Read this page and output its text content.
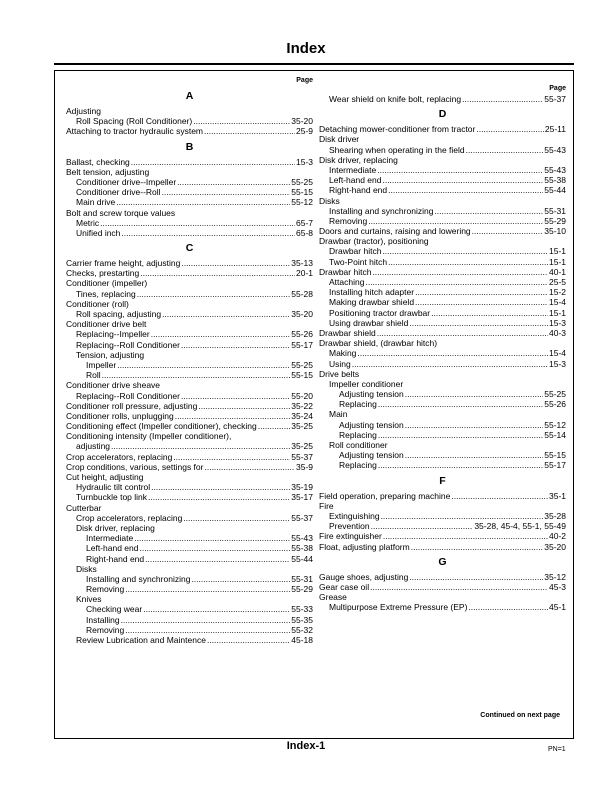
Index
Page
A
Adjusting
Roll Spacing (Roll Conditioner) .....	35-20
Attaching to tractor hydraulic system .....	25-9
B
Ballast, checking .....	15-3
Belt tension, adjusting
Conditioner drive--Impeller .....	55-25
Conditioner drive--Roll .....	55-15
Main drive .....	55-12
Bolt and screw torque values
Metric .....	65-7
Unified inch .....	65-8
C
Carrier frame height, adjusting .....	35-13
Checks, prestarting .....	20-1
Conditioner (impeller)
Tines, replacing .....	55-28
Conditioner (roll)
Roll spacing, adjusting .....	35-20
Conditioner drive belt
Replacing--Impeller .....	55-26
Replacing--Roll Conditioner .....	55-17
Tension, adjusting
Impeller .....	55-25
Roll .....	55-15
Conditioner drive sheave
Replacing--Roll Conditioner .....	55-20
Conditioner roll pressure, adjusting .....	35-22
Conditioner rolls, unplugging .....	35-24
Conditioning effect (Impeller conditioner), checking .....	35-25
Conditioning intensity (Impeller conditioner),
adjusting .....	35-25
Crop accelerators, replacing .....	55-37
Crop conditions, various, settings for .....	35-9
Cut height, adjusting
Hydraulic tilt control .....	35-19
Turnbuckle top link .....	35-17
Cutterbar
Crop accelerators, replacing .....	55-37
Disk driver, replacing
Intermediate .....	55-43
Left-hand end .....	55-38
Right-hand end .....	55-44
Disks
Installing and synchronizing .....	55-31
Removing .....	55-29
Knives
Checking wear .....	55-33
Installing .....	55-35
Removing .....	55-32
Review Lubrication and Maintence .....	45-18
Page
Wear shield on knife bolt, replacing .....	55-37
D
Detaching mower-conditioner from tractor .....	25-11
Disk driver
Shearing when operating in the field .....	55-43
Disk driver, replacing
Intermediate .....	55-43
Left-hand end .....	55-38
Right-hand end .....	55-44
Disks
Installing and synchronizing .....	55-31
Removing .....	55-29
Doors and curtains, raising and lowering .....	35-10
Drawbar (tractor), positioning
Drawbar hitch .....	15-1
Two-Point hitch .....	15-1
Drawbar hitch .....	40-1
Attaching .....	25-5
Installing hitch adapter .....	15-2
Making drawbar shield .....	15-4
Positioning tractor drawbar .....	15-1
Using drawbar shield .....	15-3
Drawbar shield .....	40-3
Drawbar shield, (drawbar hitch)
Making .....	15-4
Using .....	15-3
Drive belts
Impeller conditioner
Adjusting tension .....	55-25
Replacing .....	55-26
Main
Adjusting tension .....	55-12
Replacing .....	55-14
Roll conditioner
Adjusting tension .....	55-15
Replacing .....	55-17
F
Field operation, preparing machine .....	35-1
Fire
Extinguishing .....	35-28
Prevention .....	35-28, 45-4, 55-1, 55-49
Fire extinguisher .....	40-2
Float, adjusting platform .....	35-20
G
Gauge shoes, adjusting .....	35-12
Gear case oil .....	45-3
Grease
Multipurpose Extreme Pressure (EP) .....	45-1
Continued on next page
Index-1	PN=1
